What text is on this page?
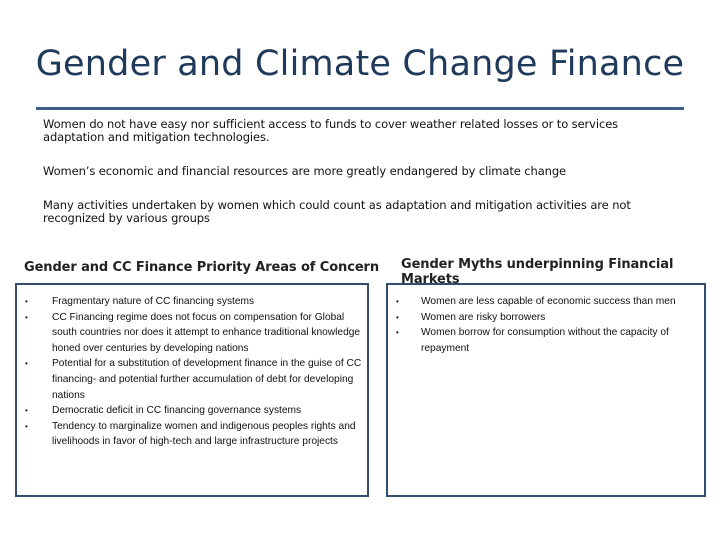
Gender and Climate Change Finance

Women do not have easy nor sufficient access to funds to cover weather related losses or to services adaptation and mitigation technologies.

Women’s economic and financial resources are more greatly endangered by climate change

Many activities undertaken by women which could count as adaptation and mitigation activities are not recognized by various groups

Gender and CC Finance Priority Areas of Concern Gender Myths underpinning Financial Markets
• Fragmentary nature of CC financing systems
• CC Financing regime does not focus on compensation for Global south countries nor does it attempt to enhance traditional knowledge honed over centuries by developing nations
• Potential for a substitution of development finance in the guise of CC financing- and potential further accumulation of debt for developing nations
• Democratic deficit in CC financing governance systems
• Tendency to marginalize women and indigenous peoples rights and livelihoods in favor of high-tech and large infrastructure projects
• Women are less capable of economic success than men
• Women are risky borrowers
• Women borrow for consumption without the capacity of repayment
